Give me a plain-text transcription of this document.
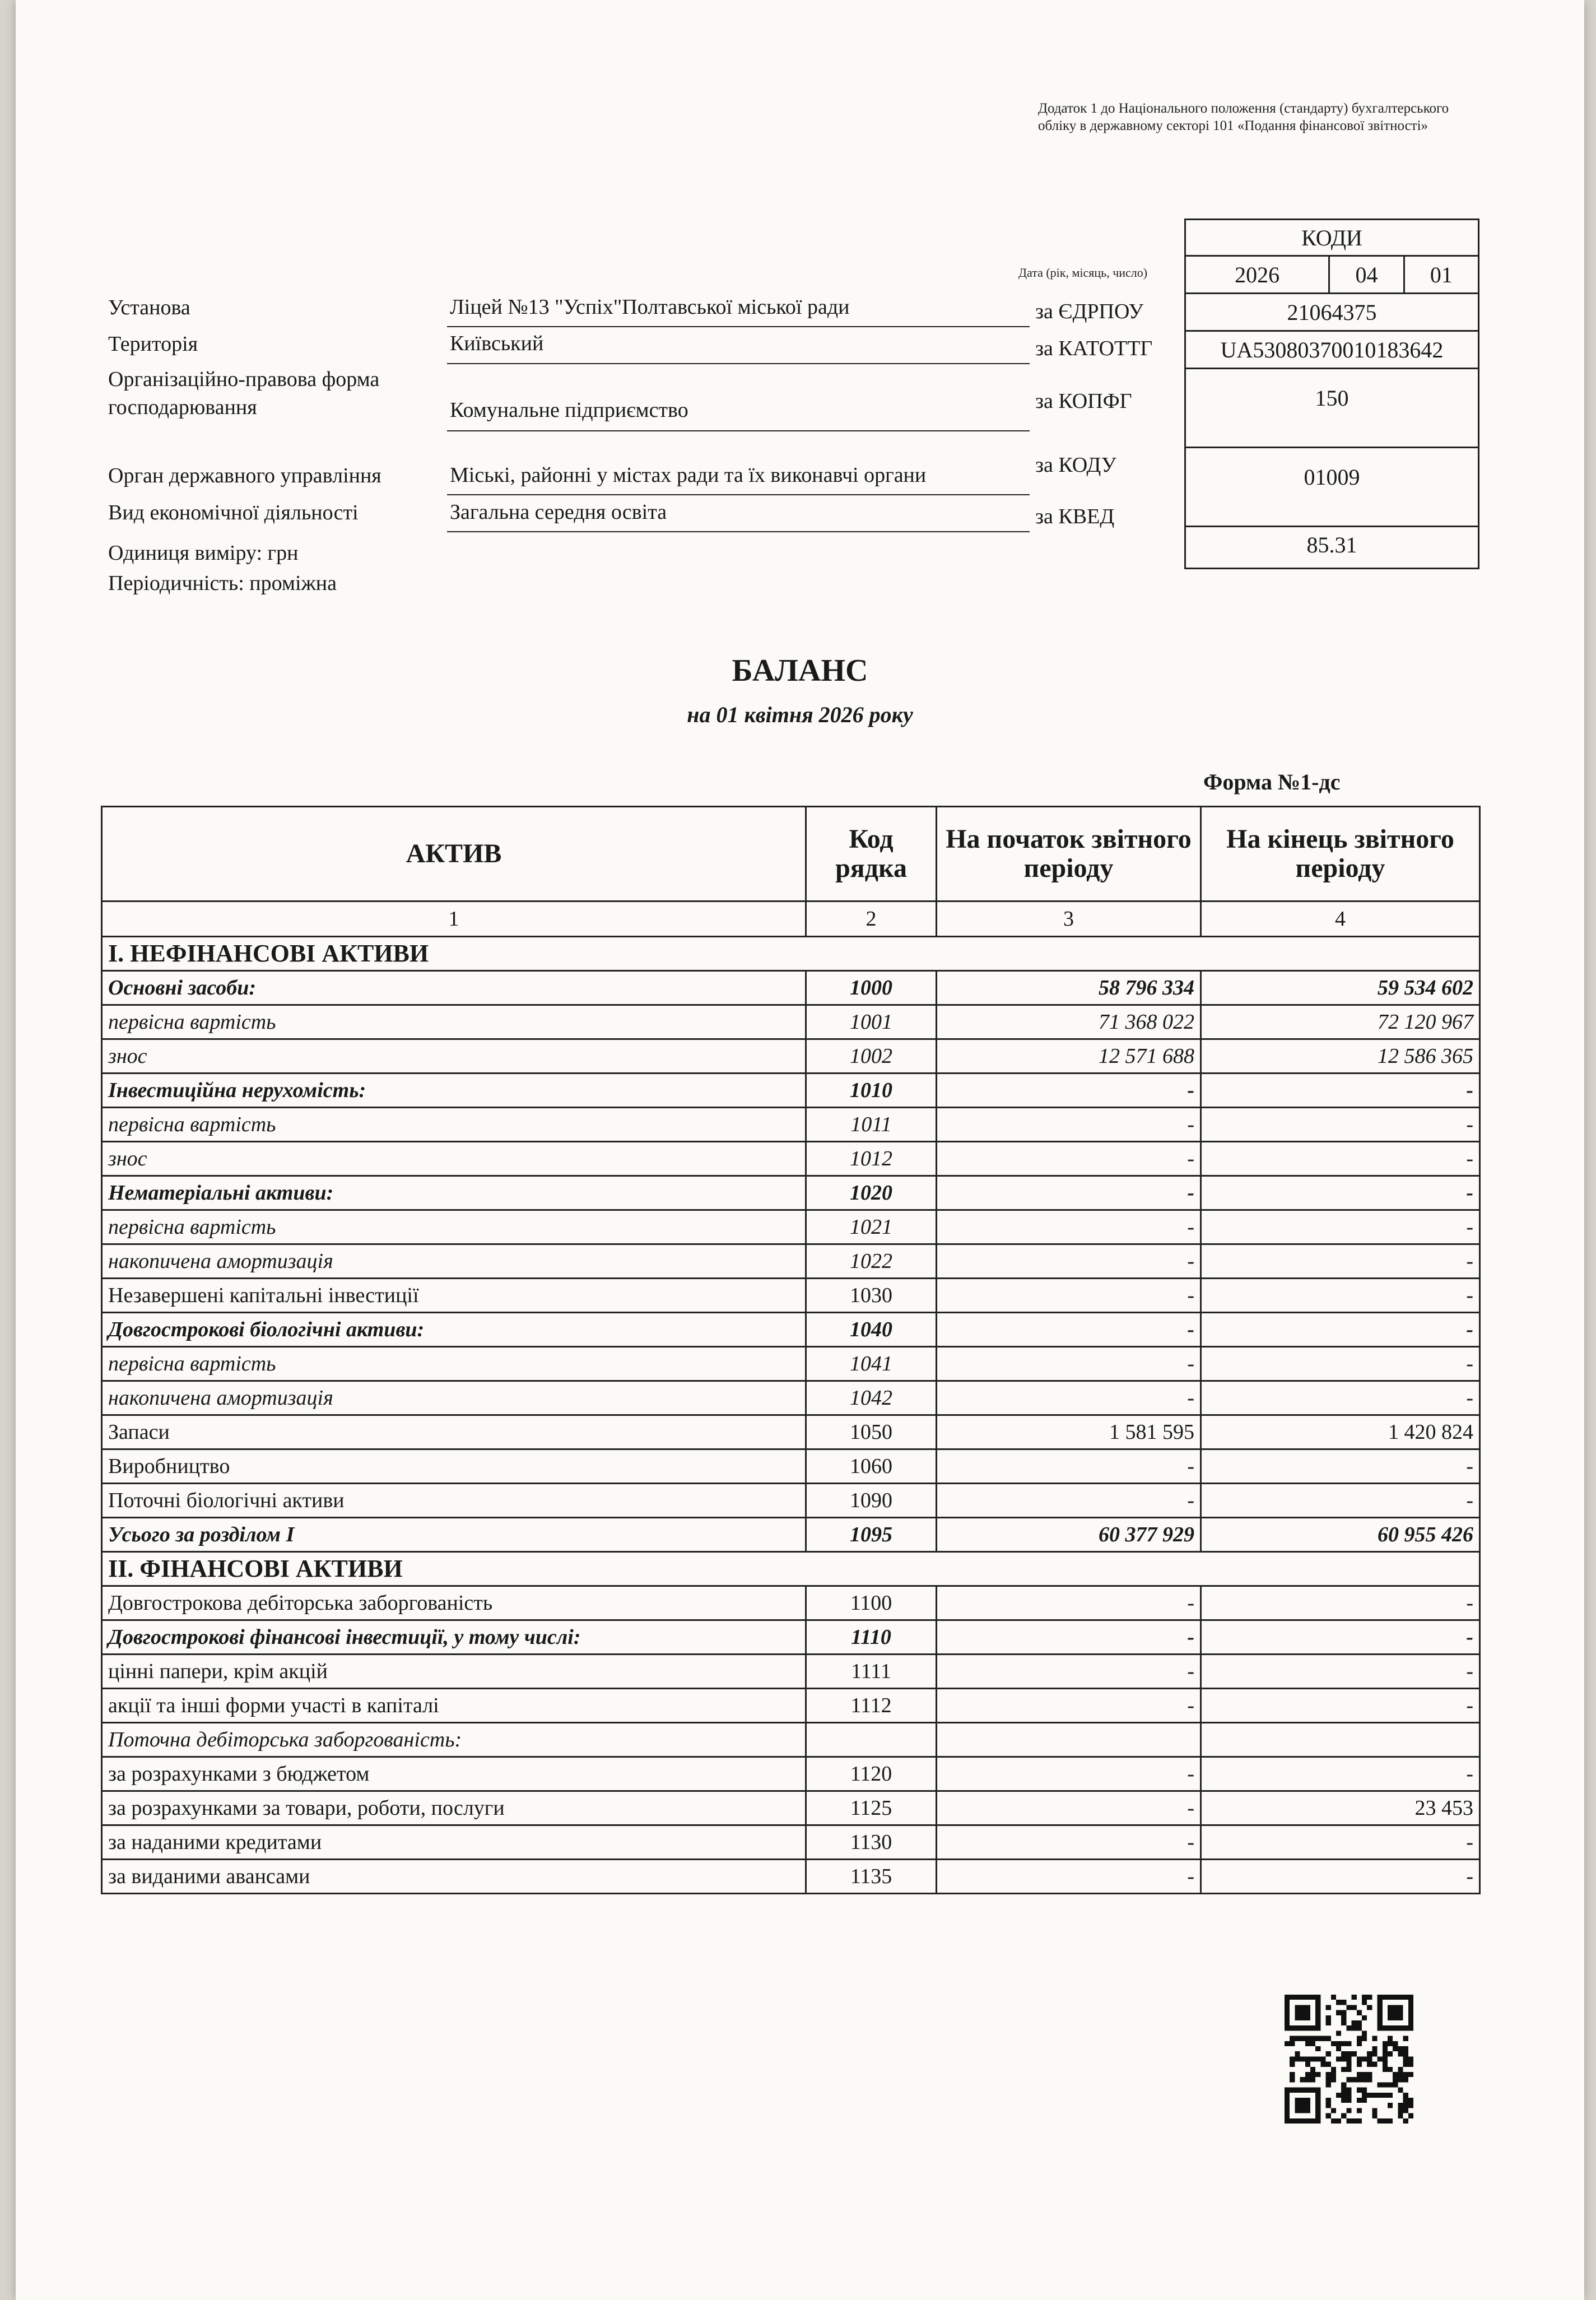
Додаток 1 до Національного положення (стандарту) бухгалтерського обліку в державному секторі 101 «Подання фінансової звітності»
Дата (рік, місяць, число)
КОДИ
2026	04	01
21064375
UA53080370010183642
150
01009
85.31
Установа	Ліцей №13 "Успіх"Полтавської міської ради	за ЄДРПОУ
Територія	Київський	за КАТОТТГ
Організаційно-правова форма господарювання	Комунальне підприємство	за КОПФГ
Орган державного управління	Міські, районні у містах ради та їх виконавчі органи	за КОДУ
Вид економічної діяльності	Загальна середня освіта	за КВЕД
Одиниця виміру: грн
Періодичність: проміжна
БАЛАНС
на 01 квітня 2026 року
Форма №1-дс
АКТИВ	Код рядка	На початок звітного періоду	На кінець звітного періоду
1	2	3	4
I. НЕФІНАНСОВІ АКТИВИ			
Основні засоби:	1000	58 796 334	59 534 602
первісна вартість	1001	71 368 022	72 120 967
знос	1002	12 571 688	12 586 365
Інвестиційна нерухомість:	1010	-	-
первісна вартість	1011	-	-
знос	1012	-	-
Нематеріальні активи:	1020	-	-
первісна вартість	1021	-	-
накопичена амортизація	1022	-	-
Незавершені капітальні інвестиції	1030	-	-
Довгострокові біологічні активи:	1040	-	-
первісна вартість	1041	-	-
накопичена амортизація	1042	-	-
Запаси	1050	1 581 595	1 420 824
Виробництво	1060	-	-
Поточні біологічні активи	1090	-	-
Усього за розділом I	1095	60 377 929	60 955 426
II. ФІНАНСОВІ АКТИВИ			
Довгострокова дебіторська заборгованість	1100	-	-
Довгострокові фінансові інвестиції, у тому числі:	1110	-	-
цінні папери, крім акцій	1111	-	-
акції та інші форми участі в капіталі	1112	-	-
Поточна дебіторська заборгованість:			
за розрахунками з бюджетом	1120	-	-
за розрахунками за товари, роботи, послуги	1125	-	23 453
за наданими кредитами	1130	-	-
за виданими авансами	1135	-	-
